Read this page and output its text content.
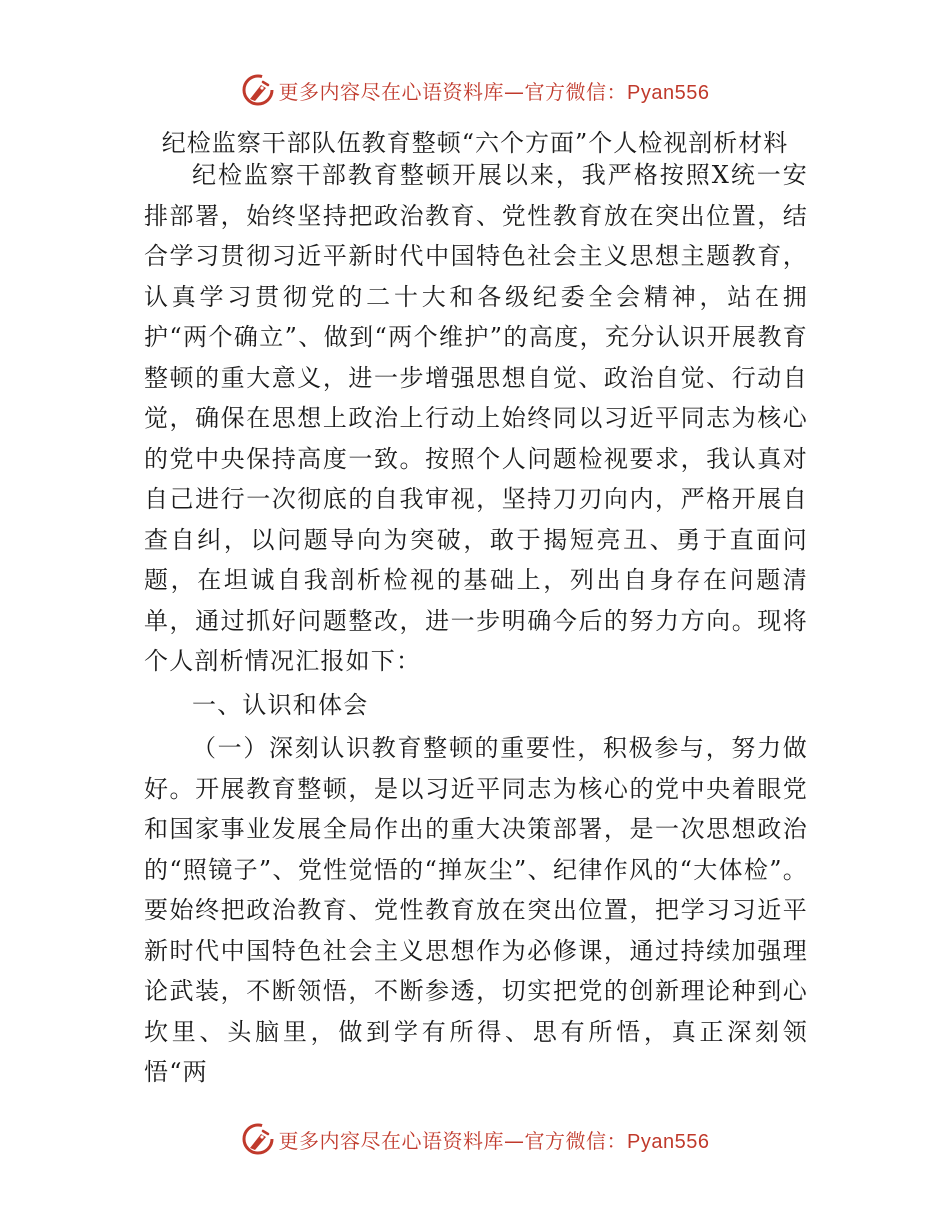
更多内容尽在心语资料库—官方微信：Pyan556
纪检监察干部队伍教育整顿“六个方面”个人检视剖析材料

纪检监察干部教育整顿开展以来，我严格按照X统一安排部署，始终坚持把政治教育、党性教育放在突出位置，结合学习贯彻习近平新时代中国特色社会主义思想主题教育，认真学习贯彻党的二十大和各级纪委全会精神，站在拥护“两个确立”、做到“两个维护”的高度，充分认识开展教育整顿的重大意义，进一步增强思想自觉、政治自觉、行动自觉，确保在思想上政治上行动上始终同以习近平同志为核心的党中央保持高度一致。按照个人问题检视要求，我认真对自己进行一次彻底的自我审视，坚持刀刃向内，严格开展自查自纠，以问题导向为突破，敢于揭短亮丑、勇于直面问题，在坦诚自我剖析检视的基础上，列出自身存在问题清单，通过抓好问题整改，进一步明确今后的努力方向。现将个人剖析情况汇报如下：

一、认识和体会

（一）深刻认识教育整顿的重要性，积极参与，努力做好。开展教育整顿，是以习近平同志为核心的党中央着眼党和国家事业发展全局作出的重大决策部署，是一次思想政治的“照镜子”、党性觉悟的“掸灰尘”、纪律作风的“大体检”。要始终把政治教育、党性教育放在突出位置，把学习习近平新时代中国特色社会主义思想作为必修课，通过持续加强理论武装，不断领悟，不断参透，切实把党的创新理论种到心坎里、头脑里，做到学有所得、思有所悟，真正深刻领悟“两

更多内容尽在心语资料库—官方微信：Pyan556
